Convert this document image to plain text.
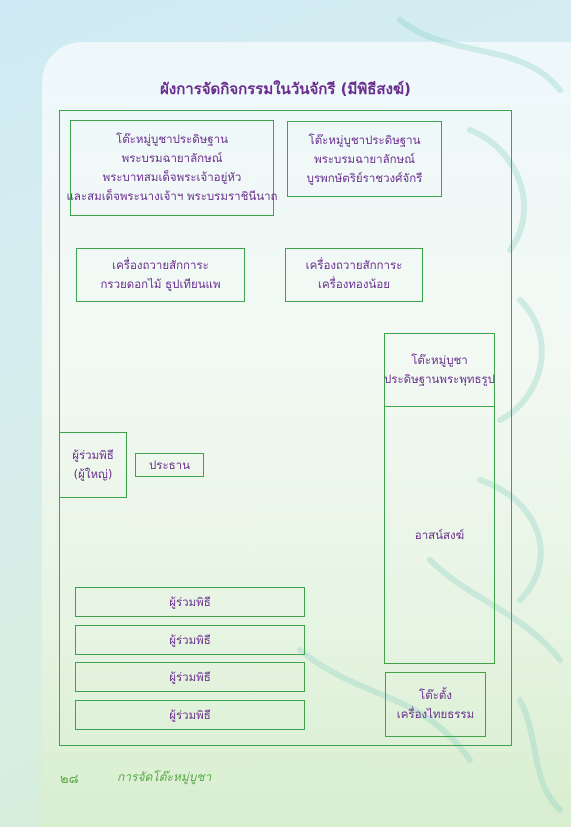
ผังการจัดกิจกรรมในวันจักรี (มีพิธีสงฆ์)
โต๊ะหมู่บูชาประดิษฐาน
พระบรมฉายาลักษณ์
พระบาทสมเด็จพระเจ้าอยู่หัว
และสมเด็จพระนางเจ้าฯ พระบรมราชินีนาถ
โต๊ะหมู่บูชาประดิษฐาน
พระบรมฉายาลักษณ์
บูรพกษัตริย์ราชวงศ์จักรี
เครื่องถวายสักการะ
กรวยดอกไม้ ธูปเทียนแพ
เครื่องถวายสักการะ
เครื่องทองน้อย
โต๊ะหมู่บูชา
ประดิษฐานพระพุทธรูป
อาสน์สงฆ์
ผู้ร่วมพิธี
(ผู้ใหญ่)
ประธาน
ผู้ร่วมพิธี
ผู้ร่วมพิธี
ผู้ร่วมพิธี
ผู้ร่วมพิธี
โต๊ะตั้ง
เครื่องไทยธรรม
๒๘	การจัดโต๊ะหมู่บูชา
